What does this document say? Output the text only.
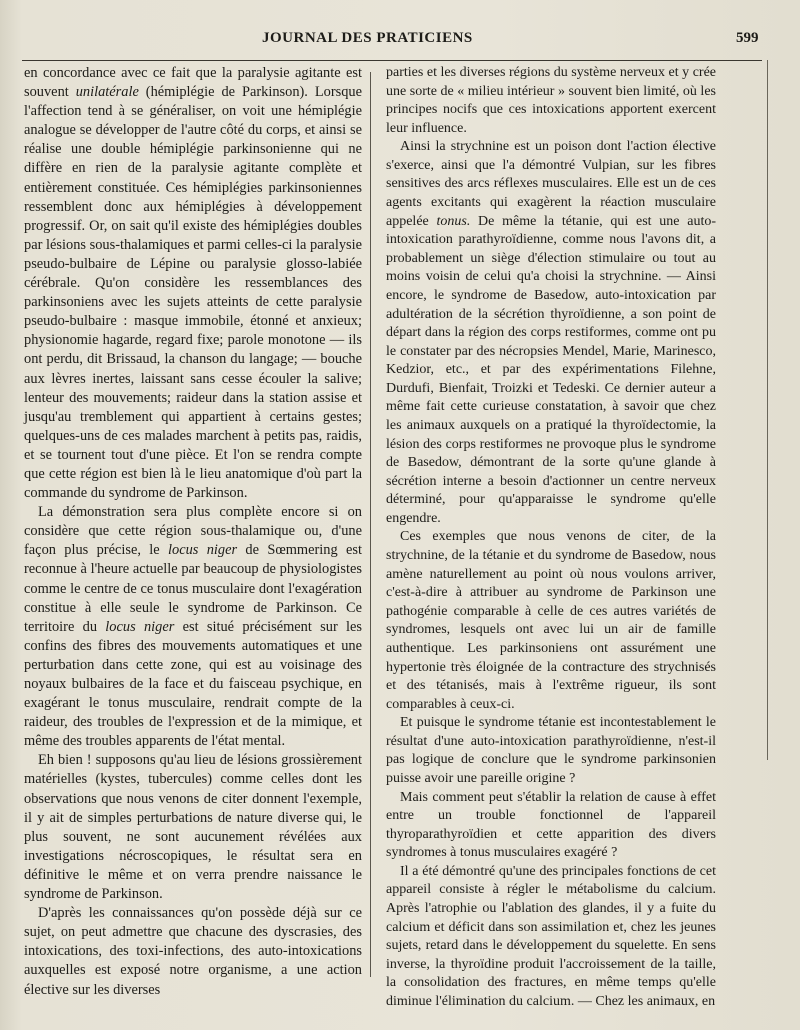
JOURNAL DES PRATICIENS	599

en concordance avec ce fait que la paralysie agitante est souvent unilatérale (hémiplégie de Parkinson). Lorsque l'affection tend à se généraliser, on voit une hémiplégie analogue se développer de l'autre côté du corps, et ainsi se réalise une double hémiplégie parkinsonienne qui ne diffère en rien de la paralysie agitante complète et entièrement constituée. Ces hémiplégies parkinsoniennes ressemblent donc aux hémiplégies à développement progressif. Or, on sait qu'il existe des hémiplégies doubles par lésions sous-thalamiques et parmi celles-ci la paralysie pseudo-bulbaire de Lépine ou paralysie glosso-labiée cérébrale. Qu'on considère les ressemblances des parkinsoniens avec les sujets atteints de cette paralysie pseudo-bulbaire : masque immobile, étonné et anxieux; physionomie hagarde, regard fixe; parole monotone — ils ont perdu, dit Brissaud, la chanson du langage; — bouche aux lèvres inertes, laissant sans cesse écouler la salive; lenteur des mouvements; raideur dans la station assise et jusqu'au tremblement qui appartient à certains gestes; quelques-uns de ces malades marchent à petits pas, raidis, et se tournent tout d'une pièce. Et l'on se rendra compte que cette région est bien là le lieu anatomique d'où part la commande du syndrome de Parkinson.

La démonstration sera plus complète encore si on considère que cette région sous-thalamique ou, d'une façon plus précise, le locus niger de Sœmmering est reconnue à l'heure actuelle par beaucoup de physiologistes comme le centre de ce tonus musculaire dont l'exagération constitue à elle seule le syndrome de Parkinson. Ce territoire du locus niger est situé précisément sur les confins des fibres des mouvements automatiques et une perturbation dans cette zone, qui est au voisinage des noyaux bulbaires de la face et du faisceau psychique, en exagérant le tonus musculaire, rendrait compte de la raideur, des troubles de l'expression et de la mimique, et même des troubles apparents de l'état mental.

Eh bien ! supposons qu'au lieu de lésions grossièrement matérielles (kystes, tubercules) comme celles dont les observations que nous venons de citer donnent l'exemple, il y ait de simples perturbations de nature diverse qui, le plus souvent, ne sont aucunement révélées aux investigations nécroscopiques, le résultat sera en définitive le même et on verra prendre naissance le syndrome de Parkinson.

D'après les connaissances qu'on possède déjà sur ce sujet, on peut admettre que chacune des dyscrasies, des intoxications, des toxi-infections, des auto-intoxications auxquelles est exposé notre organisme, a une action élective sur les diverses

parties et les diverses régions du système nerveux et y crée une sorte de « milieu intérieur » souvent bien limité, où les principes nocifs que ces intoxications apportent exercent leur influence.

Ainsi la strychnine est un poison dont l'action élective s'exerce, ainsi que l'a démontré Vulpian, sur les fibres sensitives des arcs réflexes musculaires. Elle est un de ces agents excitants qui exagèrent la réaction musculaire appelée tonus. De même la tétanie, qui est une auto-intoxication parathyroïdienne, comme nous l'avons dit, a probablement un siège d'élection stimulaire ou tout au moins voisin de celui qu'a choisi la strychnine. — Ainsi encore, le syndrome de Basedow, auto-intoxication par adultération de la sécrétion thyroïdienne, a son point de départ dans la région des corps restiformes, comme ont pu le constater par des nécropsies Mendel, Marie, Marinesco, Kedzior, etc., et par des expérimentations Filehne, Durdufi, Bienfait, Troizki et Tedeski. Ce dernier auteur a même fait cette curieuse constatation, à savoir que chez les animaux auxquels on a pratiqué la thyroïdectomie, la lésion des corps restiformes ne provoque plus le syndrome de Basedow, démontrant de la sorte qu'une glande à sécrétion interne a besoin d'actionner un centre nerveux déterminé, pour qu'apparaisse le syndrome qu'elle engendre.

Ces exemples que nous venons de citer, de la strychnine, de la tétanie et du syndrome de Basedow, nous amène naturellement au point où nous voulons arriver, c'est-à-dire à attribuer au syndrome de Parkinson une pathogénie comparable à celle de ces autres variétés de syndromes, lesquels ont avec lui un air de famille authentique. Les parkinsoniens ont assurément une hypertonie très éloignée de la contracture des strychnisés et des tétanisés, mais à l'extrême rigueur, ils sont comparables à ceux-ci.

Et puisque le syndrome tétanie est incontestablement le résultat d'une auto-intoxication parathyroïdienne, n'est-il pas logique de conclure que le syndrome parkinsonien puisse avoir une pareille origine ?

Mais comment peut s'établir la relation de cause à effet entre un trouble fonctionnel de l'appareil thyroparathyroïdien et cette apparition des divers syndromes à tonus musculaires exagéré ?

Il a été démontré qu'une des principales fonctions de cet appareil consiste à régler le métabolisme du calcium. Après l'atrophie ou l'ablation des glandes, il y a fuite du calcium et déficit dans son assimilation et, chez les jeunes sujets, retard dans le développement du squelette. En sens inverse, la thyroïdine produit l'accroissement de la taille, la consolidation des fractures, en même temps qu'elle diminue l'élimination du calcium. — Chez les animaux, en
